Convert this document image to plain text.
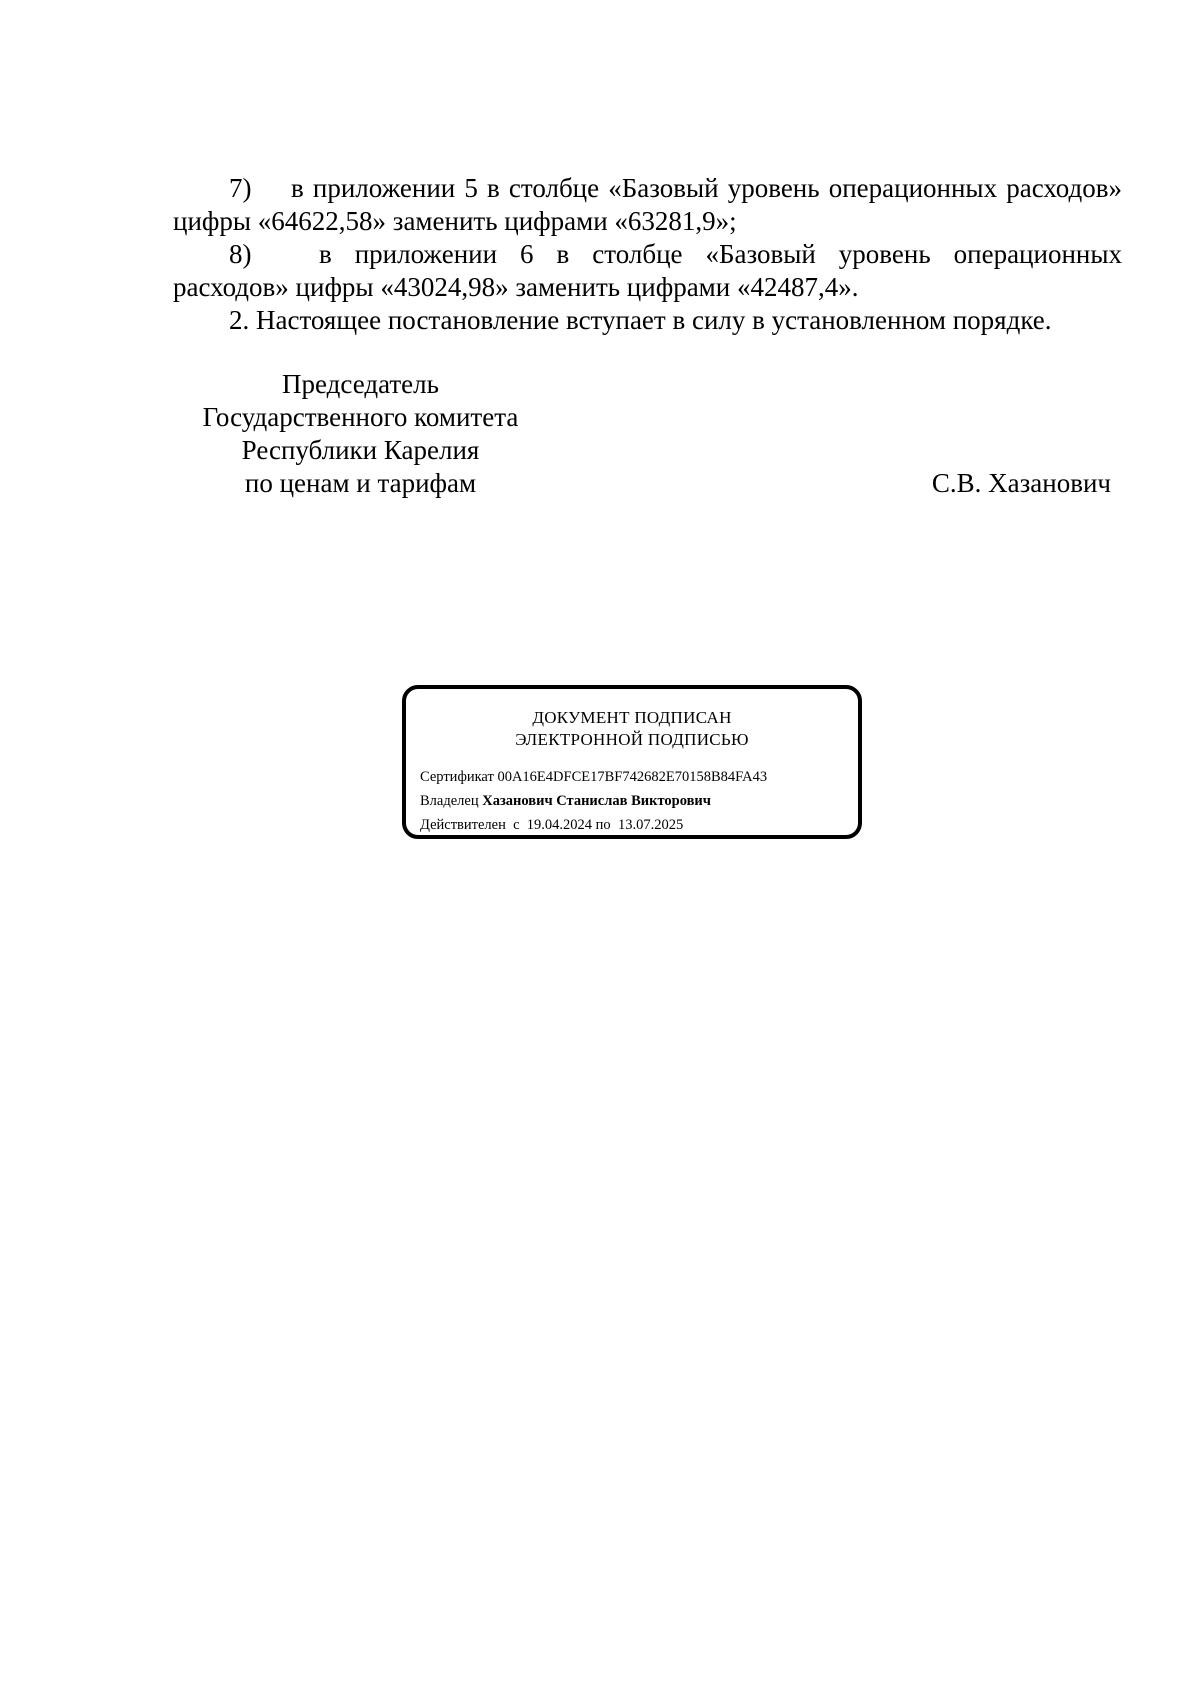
7) в приложении 5 в столбце «Базовый уровень операционных расходов» цифры «64622,58» заменить цифрами «63281,9»;

8)	в приложении 6 в столбце «Базовый уровень операционных расходов» цифры «43024,98» заменить цифрами «42487,4».

2. Настоящее постановление вступает в силу в установленном порядке.

Председатель
Государственного комитета
Республики Карелия
по ценам и тарифам	С.В. Хазанович
ДОКУМЕНТ ПОДПИСАН
ЭЛЕКТРОННОЙ ПОДПИСЬЮ
Сертификат 00A16E4DFCE17BF742682E70158B84FA43
Владелец Хазанович Станислав Викторович
Действителен с 19.04.2024 по 13.07.2025
